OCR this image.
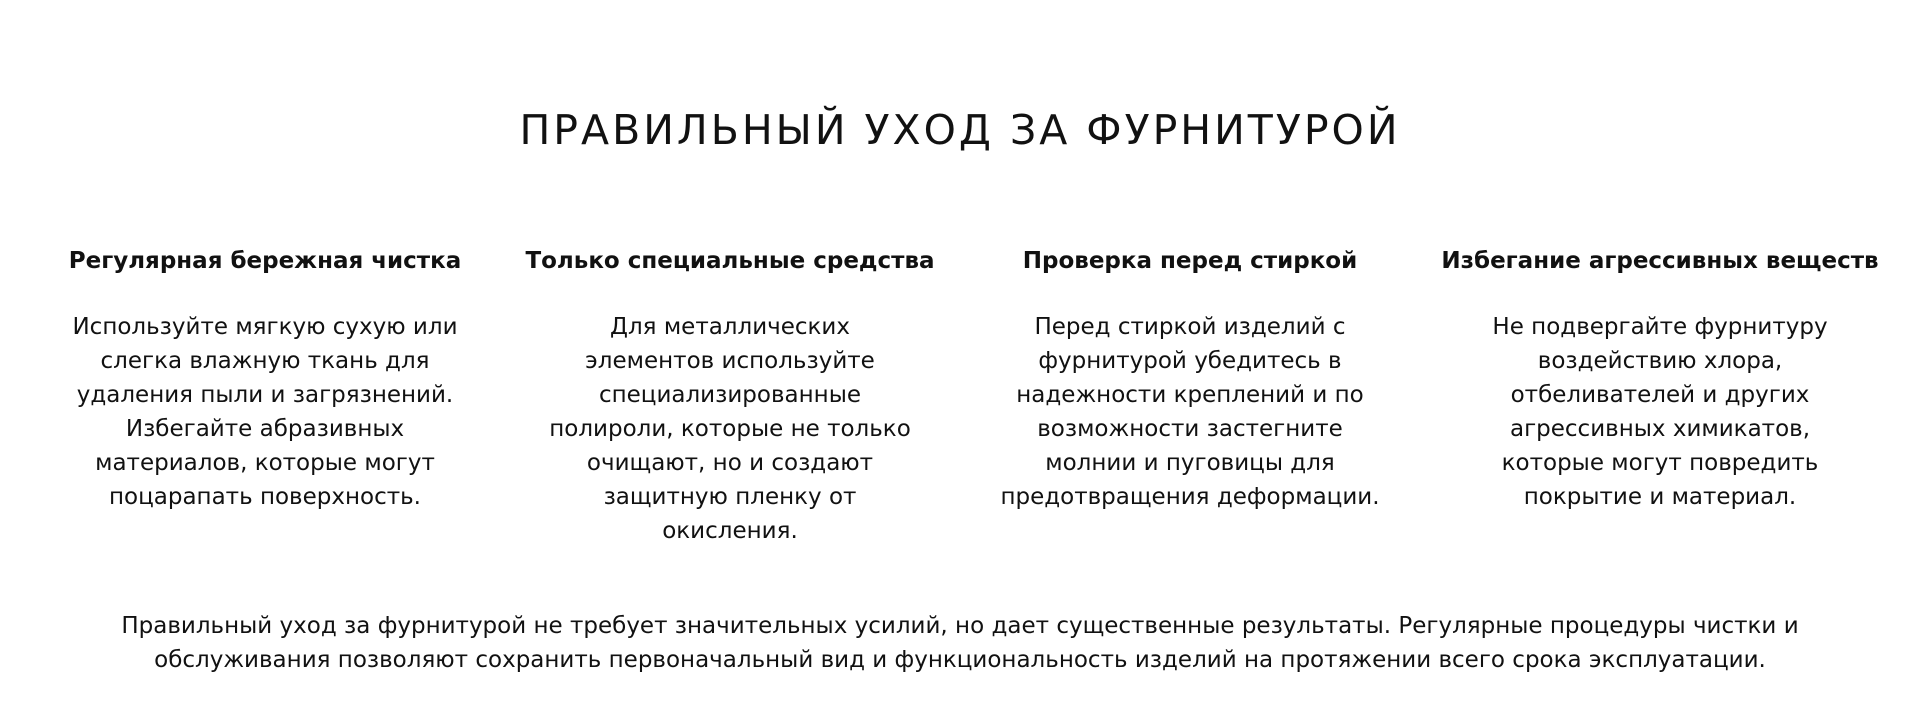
ПРАВИЛЬНЫЙ УХОД ЗА ФУРНИТУРОЙ
Регулярная бережная чистка

Используйте мягкую сухую или слегка влажную ткань для удаления пыли и загрязнений. Избегайте абразивных материалов, которые могут поцарапать поверхность.

Только специальные средства

Для металлических элементов используйте специализированные полироли, которые не только очищают, но и создают защитную пленку от окисления.

Проверка перед стиркой

Перед стиркой изделий с фурнитурой убедитесь в надежности креплений и по возможности застегните молнии и пуговицы для предотвращения деформации.

Избегание агрессивных веществ

Не подвергайте фурнитуру воздействию хлора, отбеливателей и других агрессивных химикатов, которые могут повредить покрытие и материал.

Правильный уход за фурнитурой не требует значительных усилий, но дает существенные результаты. Регулярные процедуры чистки и обслуживания позволяют сохранить первоначальный вид и функциональность изделий на протяжении всего срока эксплуатации.
